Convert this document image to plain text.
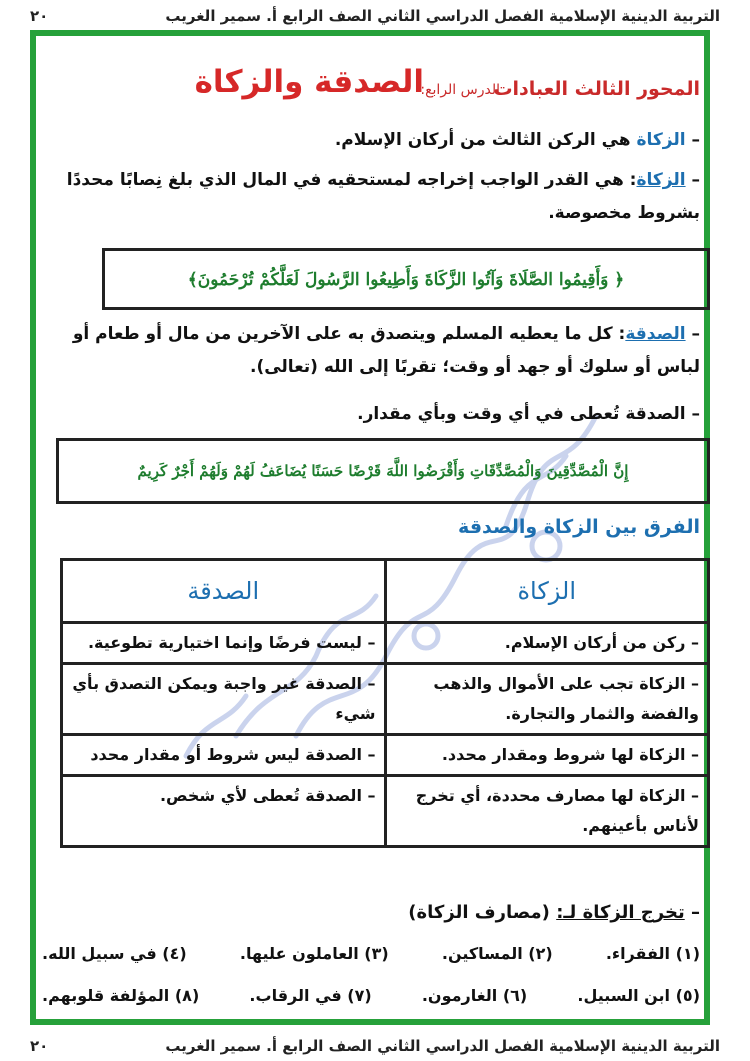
التربية الدينية الإسلامية الفصل الدراسي الثاني الصف الرابع أ. سمير الغريب
٢٠
المحور الثالث العبادات
الدرس الرابع:
الصدقة والزكاة
– الزكاة هي الركن الثالث من أركان الإسلام.
– الزكاة: هي القدر الواجب إخراجه لمستحقيه في المال الذي بلغ نِصابًا محددًا بشروط مخصوصة.
﴿ وَأَقِيمُوا الصَّلَاةَ وَآتُوا الزَّكَاةَ وَأَطِيعُوا الرَّسُولَ لَعَلَّكُمْ تُرْحَمُونَ﴾
– الصدقة: كل ما يعطيه المسلم ويتصدق به على الآخرين من مال أو طعام أو لباس أو سلوك أو جهد أو وقت؛ تقربًا إلى الله (تعالى).
– الصدقة تُعطى في أي وقت وبأي مقدار.
إِنَّ الْمُصَّدِّقِينَ وَالْمُصَّدِّقَاتِ وَأَقْرَضُوا اللَّهَ قَرْضًا حَسَنًا يُضَاعَفُ لَهُمْ وَلَهُمْ أَجْرٌ كَرِيمٌ
الفرق بين الزكاة والصدقة
الزكاة	الصدقة
– ركن من أركان الإسلام.	– ليست فرضًا وإنما اختيارية تطوعية.
– الزكاة تجب على الأموال والذهب والفضة والثمار والتجارة.	– الصدقة غير واجبة ويمكن التصدق بأي شيء
– الزكاة لها شروط ومقدار محدد.	– الصدقة ليس شروط أو مقدار محدد
– الزكاة لها مصارف محددة، أي تخرج لأناس بأعينهم.	– الصدقة تُعطى لأي شخص.
– تخرج الزكاة لـ: (مصارف الزكاة)
(١) الفقراء.
(٢) المساكين.
(٣) العاملون عليها.
(٤) في سبيل الله.
(٥) ابن السبيل.
(٦) الغارمون.
(٧) في الرقاب.
(٨) المؤلفة قلوبهم.
التربية الدينية الإسلامية الفصل الدراسي الثاني الصف الرابع أ. سمير الغريب
٢٠
